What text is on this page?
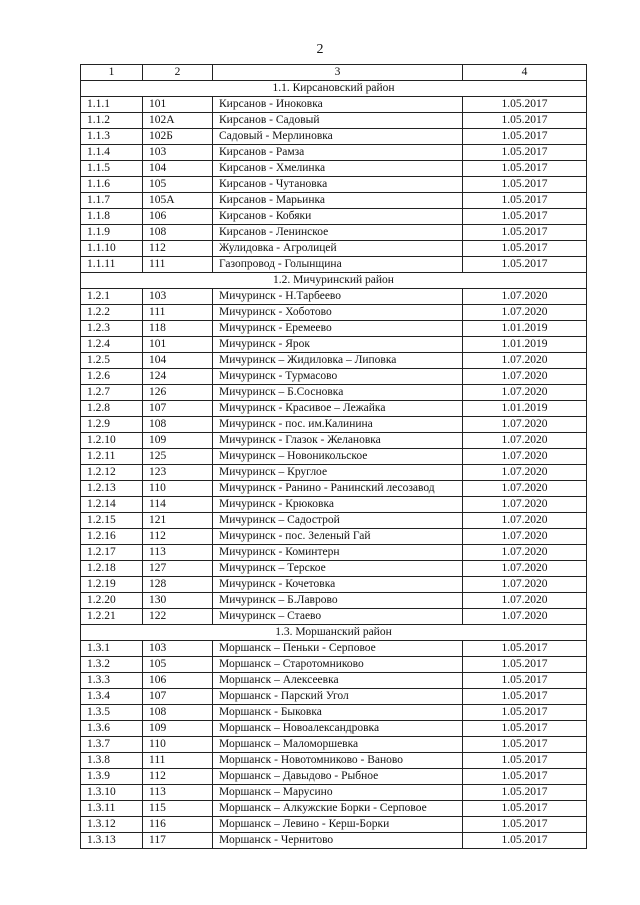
2
1	2	3	4
1.1. Кирсановский район			
1.1.1	101	Кирсанов - Иноковка	1.05.2017
1.1.2	102А	Кирсанов - Садовый	1.05.2017
1.1.3	102Б	Садовый - Мерлиновка	1.05.2017
1.1.4	103	Кирсанов - Рамза	1.05.2017
1.1.5	104	Кирсанов - Хмелинка	1.05.2017
1.1.6	105	Кирсанов - Чутановка	1.05.2017
1.1.7	105А	Кирсанов - Марьинка	1.05.2017
1.1.8	106	Кирсанов - Кобяки	1.05.2017
1.1.9	108	Кирсанов - Ленинское	1.05.2017
1.1.10	112	Жулидовка - Агролицей	1.05.2017
1.1.11	111	Газопровод - Голынщина	1.05.2017
1.2. Мичуринский район			
1.2.1	103	Мичуринск - Н.Тарбеево	1.07.2020
1.2.2	111	Мичуринск - Хоботово	1.07.2020
1.2.3	118	Мичуринск - Еремеево	1.01.2019
1.2.4	101	Мичуринск - Ярок	1.01.2019
1.2.5	104	Мичуринск – Жидиловка – Липовка	1.07.2020
1.2.6	124	Мичуринск - Турмасово	1.07.2020
1.2.7	126	Мичуринск – Б.Сосновка	1.07.2020
1.2.8	107	Мичуринск - Красивое – Лежайка	1.01.2019
1.2.9	108	Мичуринск - пос. им.Калинина	1.07.2020
1.2.10	109	Мичуринск - Глазок - Желановка	1.07.2020
1.2.11	125	Мичуринск – Новоникольское	1.07.2020
1.2.12	123	Мичуринск – Круглое	1.07.2020
1.2.13	110	Мичуринск - Ранино - Ранинский лесозавод	1.07.2020
1.2.14	114	Мичуринск - Крюковка	1.07.2020
1.2.15	121	Мичуринск – Садострой	1.07.2020
1.2.16	112	Мичуринск - пос. Зеленый Гай	1.07.2020
1.2.17	113	Мичуринск - Коминтерн	1.07.2020
1.2.18	127	Мичуринск – Терское	1.07.2020
1.2.19	128	Мичуринск - Кочетовка	1.07.2020
1.2.20	130	Мичуринск – Б.Лаврово	1.07.2020
1.2.21	122	Мичуринск – Стаево	1.07.2020
1.3. Моршанский район			
1.3.1	103	Моршанск – Пеньки - Серповое	1.05.2017
1.3.2	105	Моршанск – Старотомниково	1.05.2017
1.3.3	106	Моршанск – Алексеевка	1.05.2017
1.3.4	107	Моршанск - Парский Угол	1.05.2017
1.3.5	108	Моршанск - Быковка	1.05.2017
1.3.6	109	Моршанск – Новоалександровка	1.05.2017
1.3.7	110	Моршанск – Маломоршевка	1.05.2017
1.3.8	111	Моршанск - Новотомниково - Ваново	1.05.2017
1.3.9	112	Моршанск – Давыдово - Рыбное	1.05.2017
1.3.10	113	Моршанск – Марусино	1.05.2017
1.3.11	115	Моршанск – Алкужские Борки - Серповое	1.05.2017
1.3.12	116	Моршанск – Левино - Керш-Борки	1.05.2017
1.3.13	117	Моршанск - Чернитово	1.05.2017
